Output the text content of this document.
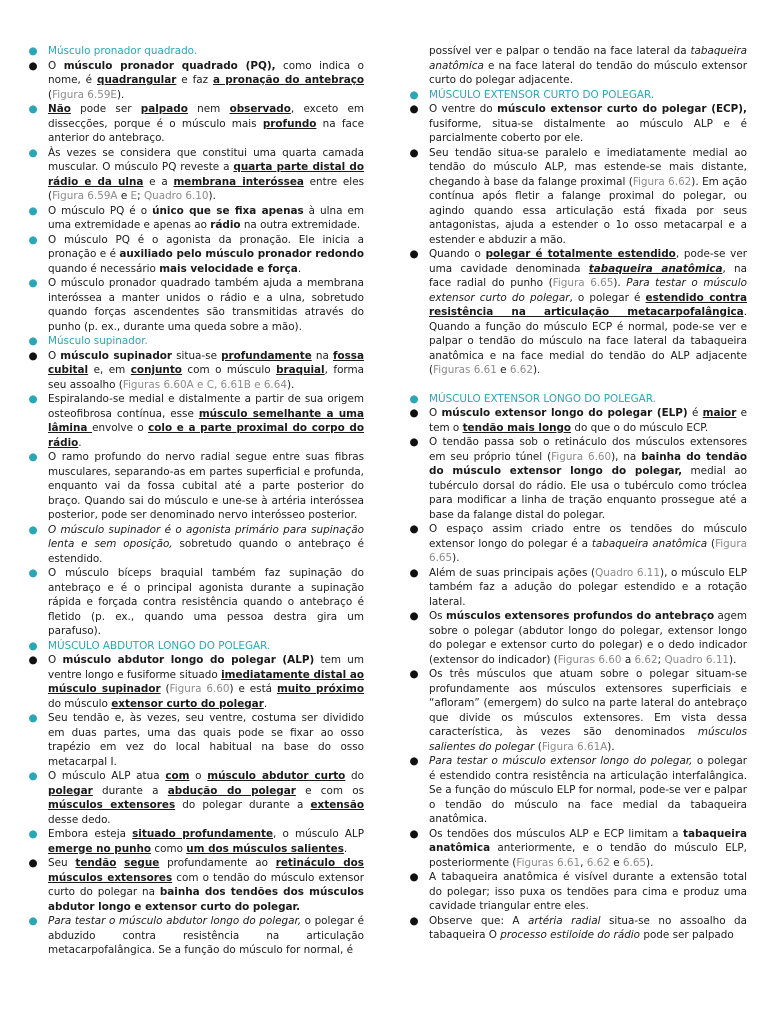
● Músculo pronador quadrado.
● O músculo pronador quadrado (PQ), como indica o nome, é quadrangular e faz a pronação do antebraço (Figura 6.59E).
● Não pode ser palpado nem observado, exceto em dissecções, porque é o músculo mais profundo na face anterior do antebraço.
● Às vezes se considera que constitui uma quarta camada muscular. O músculo PQ reveste a quarta parte distal do rádio e da ulna e a membrana interóssea entre eles (Figura 6.59A e E; Quadro 6.10).
● O músculo PQ é o único que se fixa apenas à ulna em uma extremidade e apenas ao rádio na outra extremidade.
● O músculo PQ é o agonista da pronação. Ele inicia a pronação e é auxiliado pelo músculo pronador redondo quando é necessário mais velocidade e força.
● O músculo pronador quadrado também ajuda a membrana interóssea a manter unidos o rádio e a ulna, sobretudo quando forças ascendentes são transmitidas através do punho (p. ex., durante uma queda sobre a mão).
● Músculo supinador.
● O músculo supinador situa-se profundamente na fossa cubital e, em conjunto com o músculo braquial, forma seu assoalho (Figuras 6.60A e C, 6.61B e 6.64).
● Espiralando-se medial e distalmente a partir de sua origem osteofibrosa contínua, esse músculo semelhante a uma lâmina envolve o colo e a parte proximal do corpo do rádio.
● O ramo profundo do nervo radial segue entre suas fibras musculares, separando-as em partes superficial e profunda, enquanto vai da fossa cubital até a parte posterior do braço. Quando sai do músculo e une-se à artéria interóssea posterior, pode ser denominado nervo interósseo posterior.
● O músculo supinador é o agonista primário para supinação lenta e sem oposição, sobretudo quando o antebraço é estendido.
● O músculo bíceps braquial também faz supinação do antebraço e é o principal agonista durante a supinação rápida e forçada contra resistência quando o antebraço é fletido (p. ex., quando uma pessoa destra gira um parafuso).
● MÚSCULO ABDUTOR LONGO DO POLEGAR.
● O músculo abdutor longo do polegar (ALP) tem um ventre longo e fusiforme situado imediatamente distal ao músculo supinador (Figura 6.60) e está muito próximo do músculo extensor curto do polegar.
● Seu tendão e, às vezes, seu ventre, costuma ser dividido em duas partes, uma das quais pode se fixar ao osso trapézio em vez do local habitual na base do osso metacarpal I.
● O músculo ALP atua com o músculo abdutor curto do polegar durante a abdução do polegar e com os músculos extensores do polegar durante a extensão desse dedo.
● Embora esteja situado profundamente, o músculo ALP emerge no punho como um dos músculos salientes.
● Seu tendão segue profundamente ao retináculo dos músculos extensores com o tendão do músculo extensor curto do polegar na bainha dos tendões dos músculos abdutor longo e extensor curto do polegar.
● Para testar o músculo abdutor longo do polegar, o polegar é abduzido contra resistência na articulação metacarpofalângica. Se a função do músculo for normal, é
possível ver e palpar o tendão na face lateral da tabaqueira anatômica e na face lateral do tendão do músculo extensor curto do polegar adjacente.
● MÚSCULO EXTENSOR CURTO DO POLEGAR.
● O ventre do músculo extensor curto do polegar (ECP), fusiforme, situa-se distalmente ao músculo ALP e é parcialmente coberto por ele.
● Seu tendão situa-se paralelo e imediatamente medial ao tendão do músculo ALP, mas estende-se mais distante, chegando à base da falange proximal (Figura 6.62). Em ação contínua após fletir a falange proximal do polegar, ou agindo quando essa articulação está fixada por seus antagonistas, ajuda a estender o 1o osso metacarpal e a estender e abduzir a mão.
● Quando o polegar é totalmente estendido, pode-se ver uma cavidade denominada tabaqueira anatômica, na face radial do punho (Figura 6.65). Para testar o músculo extensor curto do polegar, o polegar é estendido contra resistência na articulação metacarpofalângica. Quando a função do músculo ECP é normal, pode-se ver e palpar o tendão do músculo na face lateral da tabaqueira anatômica e na face medial do tendão do ALP adjacente (Figuras 6.61 e 6.62).
● MÚSCULO EXTENSOR LONGO DO POLEGAR.
● O músculo extensor longo do polegar (ELP) é maior e tem o tendão mais longo do que o do músculo ECP.
● O tendão passa sob o retináculo dos músculos extensores em seu próprio túnel (Figura 6.60), na bainha do tendão do músculo extensor longo do polegar, medial ao tubérculo dorsal do rádio. Ele usa o tubérculo como tróclea para modificar a linha de tração enquanto prossegue até a base da falange distal do polegar.
● O espaço assim criado entre os tendões do músculo extensor longo do polegar é a tabaqueira anatômica (Figura 6.65).
● Além de suas principais ações (Quadro 6.11), o músculo ELP também faz a adução do polegar estendido e a rotação lateral.
● Os músculos extensores profundos do antebraço agem sobre o polegar (abdutor longo do polegar, extensor longo do polegar e extensor curto do polegar) e o dedo indicador (extensor do indicador) (Figuras 6.60 a 6.62; Quadro 6.11).
● Os três músculos que atuam sobre o polegar situam-se profundamente aos músculos extensores superficiais e “afloram” (emergem) do sulco na parte lateral do antebraço que divide os músculos extensores. Em vista dessa característica, às vezes são denominados músculos salientes do polegar (Figura 6.61A).
● Para testar o músculo extensor longo do polegar, o polegar é estendido contra resistência na articulação interfalângica. Se a função do músculo ELP for normal, pode-se ver e palpar o tendão do músculo na face medial da tabaqueira anatômica.
● Os tendões dos músculos ALP e ECP limitam a tabaqueira anatômica anteriormente, e o tendão do músculo ELP, posteriormente (Figuras 6.61, 6.62 e 6.65).
● A tabaqueira anatômica é visível durante a extensão total do polegar; isso puxa os tendões para cima e produz uma cavidade triangular entre eles.
● Observe que: A artéria radial situa-se no assoalho da tabaqueira O processo estiloide do rádio pode ser palpado
